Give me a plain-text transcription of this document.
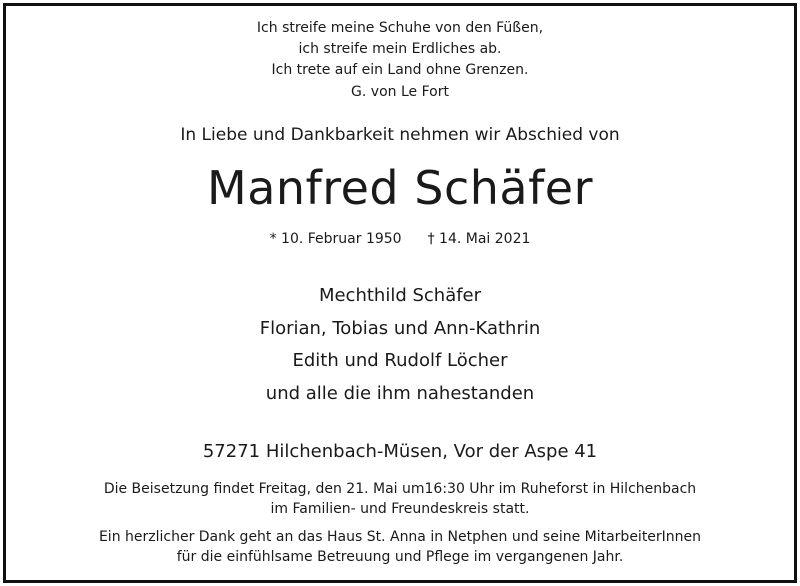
Ich streife meine Schuhe von den Füßen,
ich streife mein Erdliches ab.
Ich trete auf ein Land ohne Grenzen.
G. von Le Fort
In Liebe und Dankbarkeit nehmen wir Abschied von
Manfred Schäfer
* 10. Februar 1950 † 14. Mai 2021
Mechthild Schäfer
Florian, Tobias und Ann-Kathrin
Edith und Rudolf Löcher
und alle die ihm nahestanden
57271 Hilchenbach-Müsen, Vor der Aspe 41
Die Beisetzung findet Freitag, den 21. Mai um16:30 Uhr im Ruheforst in Hilchenbach
im Familien- und Freundeskreis statt.
Ein herzlicher Dank geht an das Haus St. Anna in Netphen und seine MitarbeiterInnen
für die einfühlsame Betreuung und Pflege im vergangenen Jahr.
